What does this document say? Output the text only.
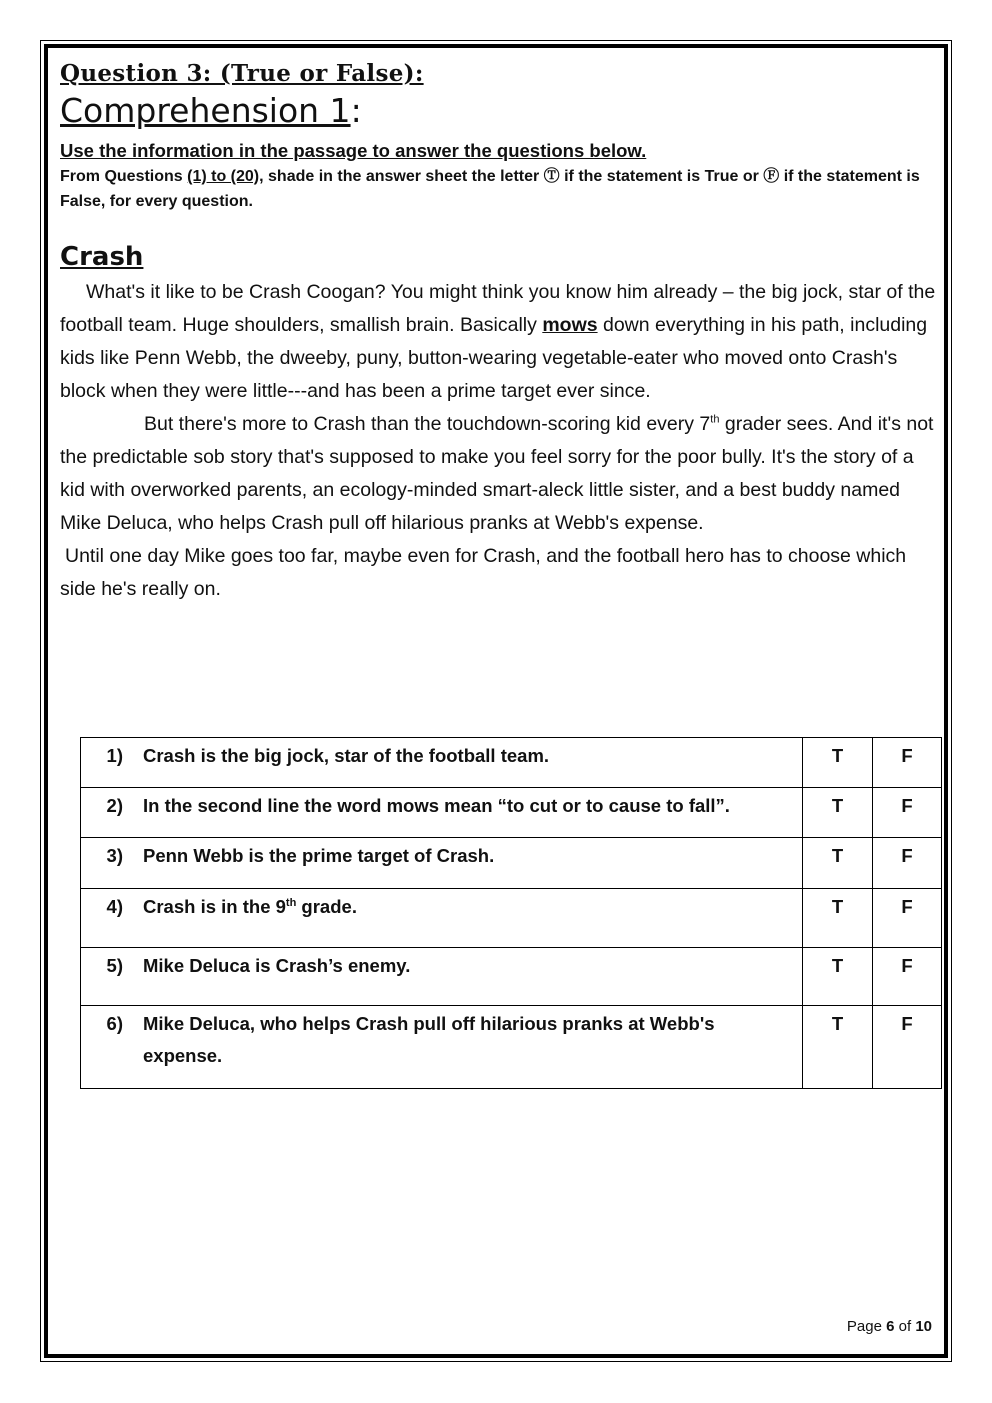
Question 3: (True or False):
Comprehension 1:
Use the information in the passage to answer the questions below.
From Questions (1) to (20), shade in the answer sheet the letter Ⓣ if the statement is True or Ⓕ if the statement is False, for every question.
Crash

What's it like to be Crash Coogan? You might think you know him already – the big jock, star of the football team. Huge shoulders, smallish brain. Basically mows down everything in his path, including kids like Penn Webb, the dweeby, puny, button-wearing vegetable-eater who moved onto Crash's block when they were little---and has been a prime target ever since.

But there's more to Crash than the touchdown-scoring kid every 7th grader sees. And it's not the predictable sob story that's supposed to make you feel sorry for the poor bully. It's the story of a kid with overworked parents, an ecology-minded smart-aleck little sister, and a best buddy named Mike Deluca, who helps Crash pull off hilarious pranks at Webb's expense.

Until one day Mike goes too far, maybe even for Crash, and the football hero has to choose which side he's really on.

1) Crash is the big jock, star of the football team.	T	F

2) In the second line the word mows mean “to cut or to cause to fall”.	T	F

3) Penn Webb is the prime target of Crash.	T	F

4) Crash is in the 9th grade.	T	F

5) Mike Deluca is Crash’s enemy.	T	F

6) Mike Deluca, who helps Crash pull off hilarious pranks at Webb's expense.	T	F
Page 6 of 10
